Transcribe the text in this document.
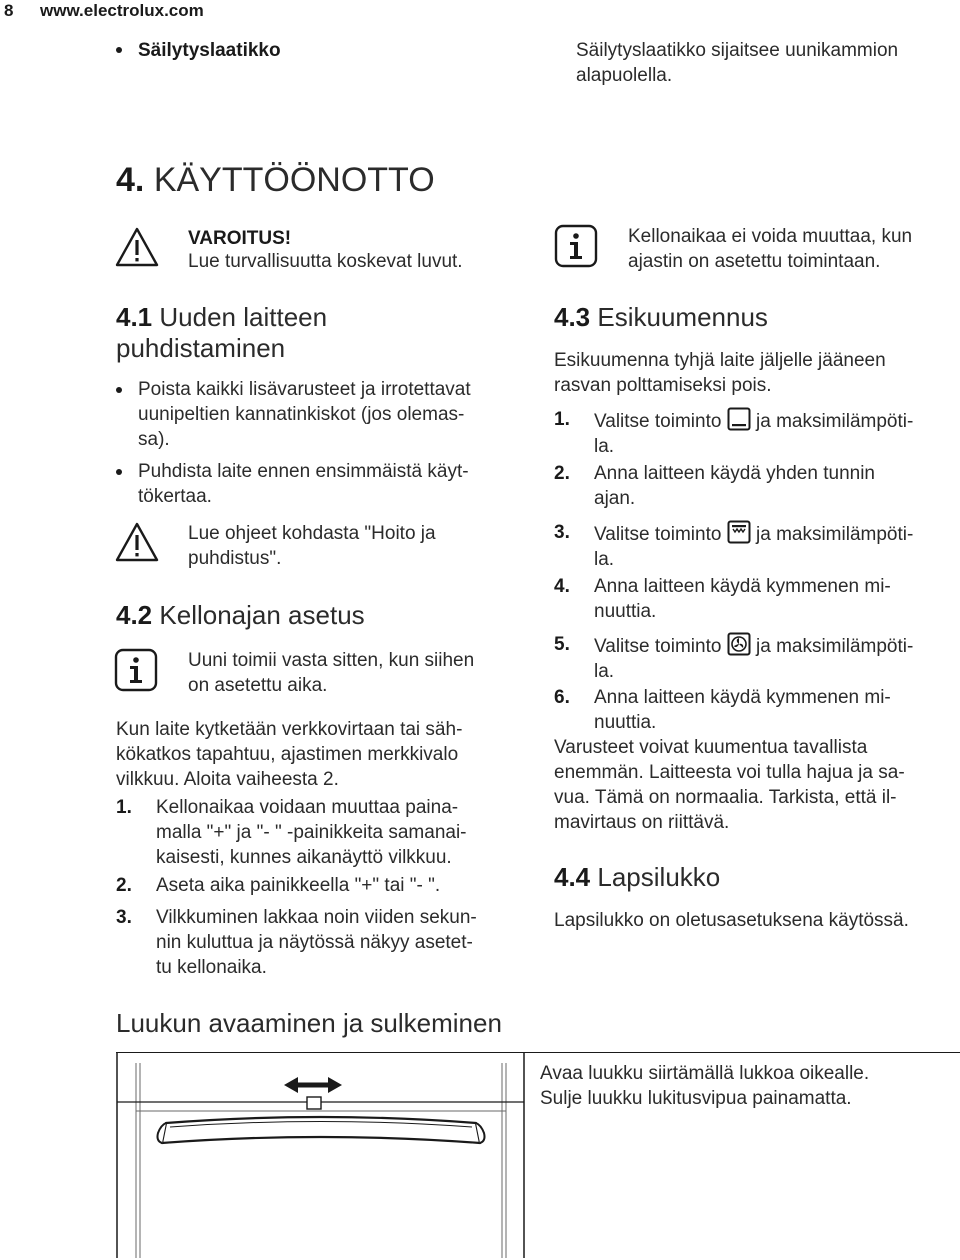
8 www.electrolux.com
Säilytyslaatikko	Säilytyslaatikko sijaitsee uunikammion alapuolella.
4. KÄYTTÖÖNOTTO
VAROITUS!
Lue turvallisuutta koskevat luvut.
4.1 Uuden laitteen
puhdistaminen
Poista kaikki lisävarusteet ja irrotettavat
uunipeltien kannatinkiskot (jos olemas-
sa).
Puhdista laite ennen ensimmäistä käyt-
tökertaa.
Lue ohjeet kohdasta "Hoito ja
puhdistus".
4.2 Kellonajan asetus
Uuni toimii vasta sitten, kun siihen
on asetettu aika.
Kun laite kytketään verkkovirtaan tai säh-
kökatkos tapahtuu, ajastimen merkkivalo
vilkkuu. Aloita vaiheesta 2.
1. Kellonaikaa voidaan muuttaa paina-
malla "+" ja "- " -painikkeita samanai-
kaisesti, kunnes aikanäyttö vilkkuu.
2. Aseta aika painikkeella "+" tai "- ".
3. Vilkkuminen lakkaa noin viiden sekun-
nin kuluttua ja näytössä näkyy asetet-
tu kellonaika.
Kellonaikaa ei voida muuttaa, kun
ajastin on asetettu toimintaan.
4.3 Esikuumennus
Esikuumenna tyhjä laite jäljelle jääneen
rasvan polttamiseksi pois.
1. Valitse toiminto ja maksimilämpöti-
la.
2. Anna laitteen käydä yhden tunnin
ajan.
3. Valitse toiminto ja maksimilämpöti-
la.
4. Anna laitteen käydä kymmenen mi-
nuuttia.
5. Valitse toiminto ja maksimilämpöti-
la.
6. Anna laitteen käydä kymmenen mi-
nuuttia.
Varusteet voivat kuumentua tavallista
enemmän. Laitteesta voi tulla hajua ja sa-
vua. Tämä on normaalia. Tarkista, että il-
mavirtaus on riittävä.
4.4 Lapsilukko
Lapsilukko on oletusasetuksena käytössä.
Luukun avaaminen ja sulkeminen
Avaa luukku siirtämällä lukkoa oikealle.
Sulje luukku lukitusvipua painamatta.
